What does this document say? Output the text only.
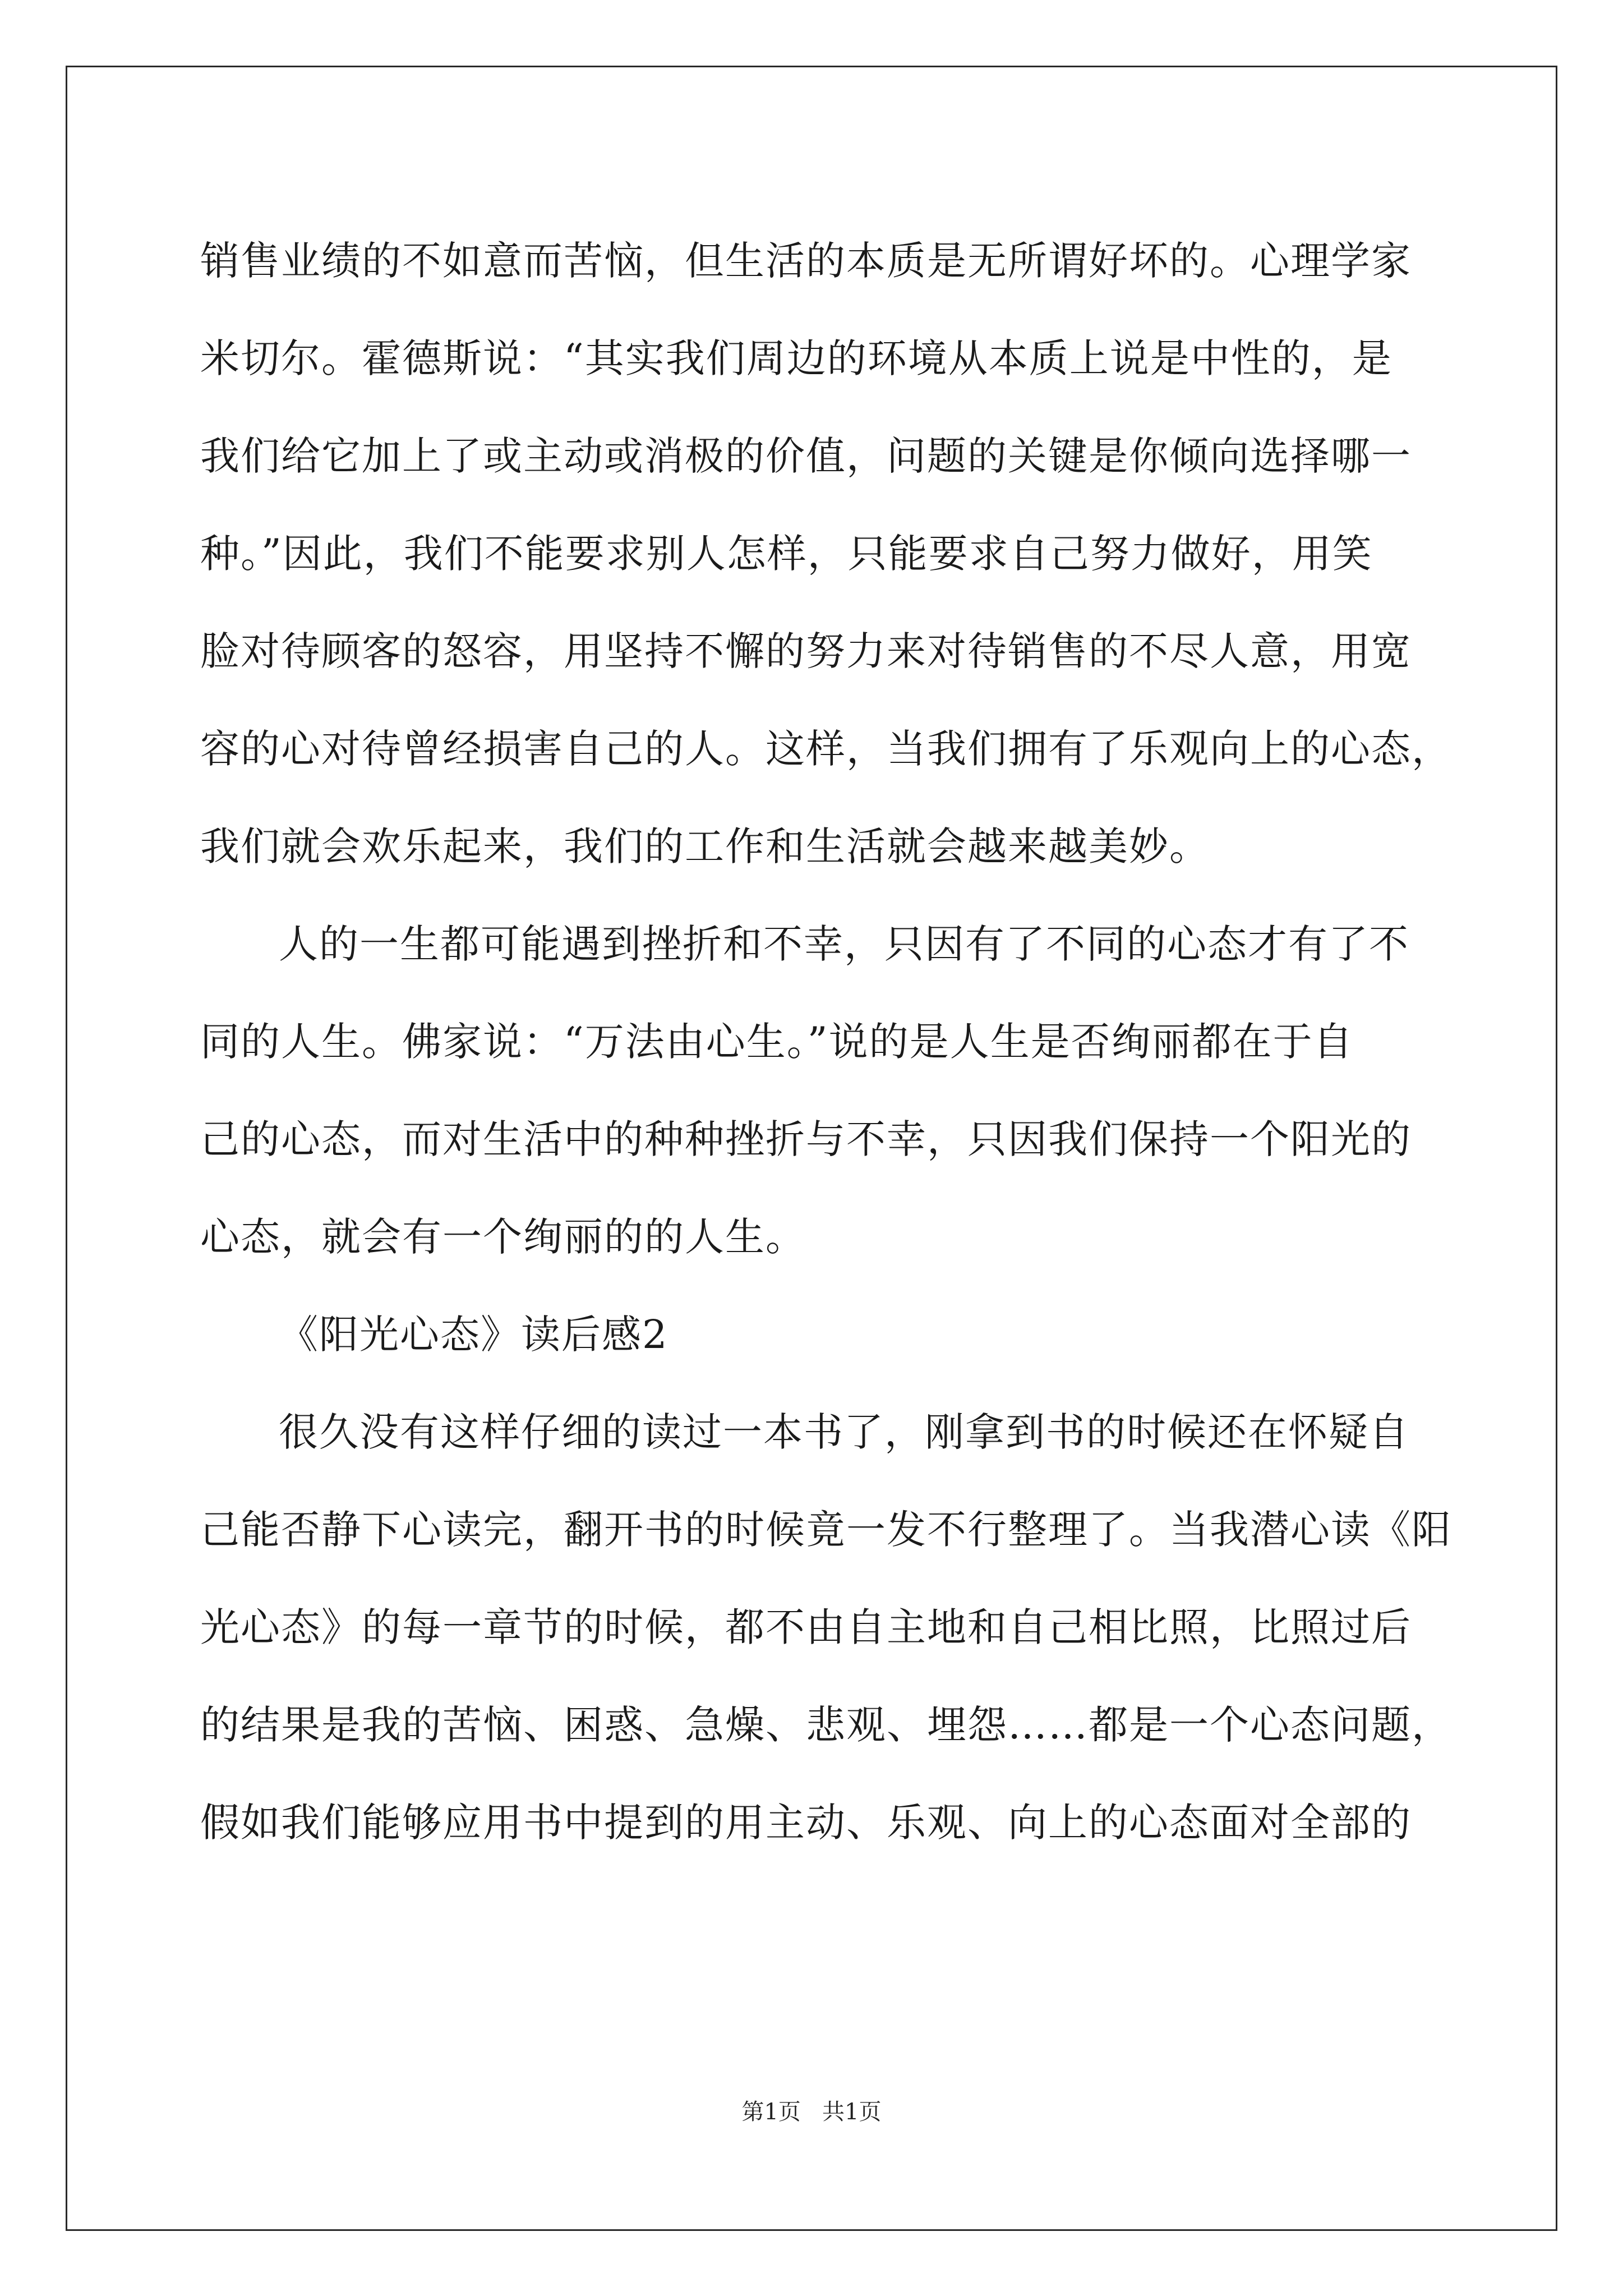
销售业绩的不如意而苦恼，但生活的本质是无所谓好坏的。心理学家
米切尔。霍德斯说：“其实我们周边的环境从本质上说是中性的，是
我们给它加上了或主动或消极的价值，问题的关键是你倾向选择哪一
种。”因此，我们不能要求别人怎样，只能要求自己努力做好，用笑
脸对待顾客的怒容，用坚持不懈的努力来对待销售的不尽人意，用宽
容的心对待曾经损害自己的人。这样，当我们拥有了乐观向上的心态，
我们就会欢乐起来，我们的工作和生活就会越来越美妙。
人的一生都可能遇到挫折和不幸，只因有了不同的心态才有了不
同的人生。佛家说：“万法由心生。”说的是人生是否绚丽都在于自
己的心态，而对生活中的种种挫折与不幸，只因我们保持一个阳光的
心态，就会有一个绚丽的的人生。
《阳光心态》读后感2
很久没有这样仔细的读过一本书了，刚拿到书的时候还在怀疑自
己能否静下心读完，翻开书的时候竟一发不行整理了。当我潜心读《阳
光心态》的每一章节的时候，都不由自主地和自己相比照，比照过后
的结果是我的苦恼、困惑、急燥、悲观、埋怨……都是一个心态问题，
假如我们能够应用书中提到的用主动、乐观、向上的心态面对全部的
第1页   共1页
